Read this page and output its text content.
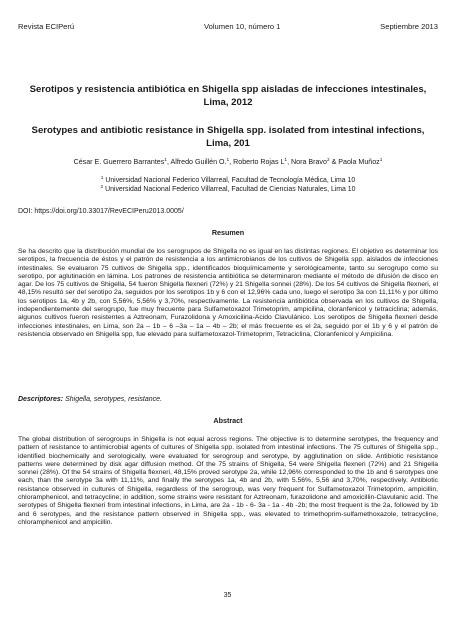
Revista ECIPerú	Volumen 10, número 1	Septiembre 2013
Serotipos y resistencia antibiótica en Shigella spp aisladas de infecciones intestinales, Lima, 2012
Serotypes and antibiotic resistance in Shigella spp. isolated from intestinal infections, Lima, 201
César E. Guerrero Barrantes$^1$, Alfredo Guillén O.$^1$, Roberto Rojas $L^1$, Nora Bravo$^2$ & Paola Muñoz$^1$
$^1$ Universidad Nacional Federico Villarreal, Facultad de Tecnología Médica, Lima 10
$^2$ Universidad Nacional Federico Villarreal, Facultad de Ciencias Naturales, Lima 10
DOI: https://doi.org/10.33017/RevECIPeru2013.0005/
Resumen

Se ha descrito que la distribución mundial de los serogrupos de Shigella no es igual en las distintas regiones. El objetivo es determinar los serotipos, la frecuencia de éstos y el patrón de resistencia a los antimicrobianos de los cultivos de Shigella spp. aislados de infecciones intestinales. Se evaluaron 75 cultivos de Shigella spp., identificados bioquímicamente y serológicamente, tanto su serogrupo como su serotipo, por aglutinación en lámina. Los patrones de resistencia antibiótica se determinaron mediante el método de difusión de disco en agar. De los 75 cultivos de Shigella, 54 fueron Shigella flexneri (72%) y 21 Shigella sonnei (28%). De los 54 cultivos de Shigella flexneri, el 48,15% resultó ser del serotipo 2a, seguidos por los serotipos 1b y 6 con el 12,96% cada uno, luego el serotipo 3a con 11,11% y por último los serotipos 1a, 4b y 2b, con 5,56%, 5,56% y 3,70%, respectivamente. La resistencia antibiótica observada en los cultivos de Shigella, independientemente del serogrupo, fue muy frecuente para Sulfametoxazol Trimetoprim, ampicilina, cloranfenicol y tetraciclina; además, algunos cultivos fueron resistentes a Aztreonam, Furazolidona y Amoxicilina-Acido Clavulánico. Los serotipos de Shigella flexneri desde infecciones intestinales, en Lima, son 2a – 1b – 6 –3a – 1a – 4b – 2b; el más frecuente es el 2a, seguido por el 1b y 6 y el patrón de resistencia observado en Shigella spp, fue elevado para sulfametoxazol-Trimetoprim, Tetraciclina, Cloranfenicol y Ampicilina.

Descriptores: Shigella, serotypes, resistance.
Abstract

The global distribution of serogroups in Shigella is not equal across regions. The objective is to determine serotypes, the frequency and pattern of resistance to antimicrobial agents of cultures of Shigella spp. isolated from intestinal infections. The 75 cultures of Shigella spp., identified biochemically and serologically, were evaluated for serogroup and serotype, by agglutination on slide. Antibiotic resistance patterns were determined by disk agar diffusion method. Of the 75 strains of Shigella, 54 were Shigella flexneri (72%) and 21 Shigella sonnei (28%). Of the 54 strains of Shigella flexneri, 48,15% proved serotype 2a, while 12,96% corresponded to the 1b and 6 serotypes one each, than the serotype 3a with 11,11%, and finally the serotypes 1a, 4b and 2b, with 5.56%, 5,56 and 3,70%, respectively. Antibiotic resistance observed in cultures of Shigella, regardless of the serogroup, was very frequent for Sulfametoxazol Trimetoprim, ampicillin, chloramphenicol, and tetracycline; in addition, some strains were resistant for Aztreonam, furazolidone and amoxicillin-Clavulanic acid. The serotypes of Shigella flexneri from intestinal infections, in Lima, are 2a - 1b - 6- 3a - 1a - 4b -2b; the most frequent is the 2a, followed by 1b and 6 serotypes, and the resistance pattern observed in Shigella spp., was elevated to trimethoprim-sulfamethoxazole, tetracycline, chloramphenicol and ampicillin.

35
